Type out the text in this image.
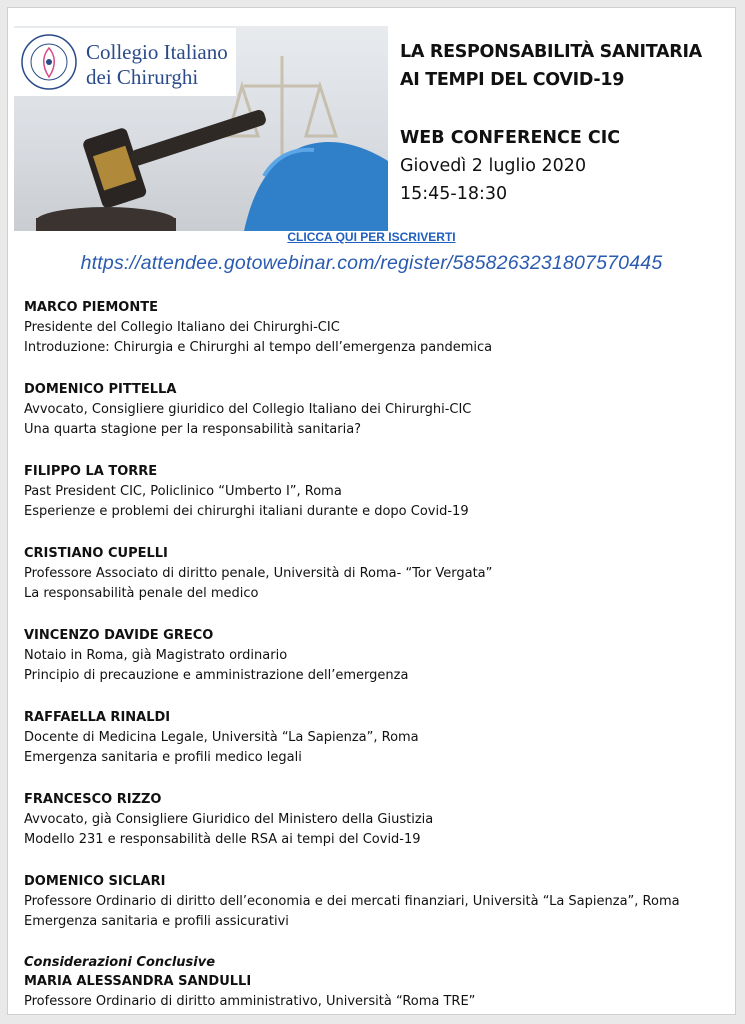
Collegio Italiano
dei Chirurghi
LA RESPONSABILITÀ SANITARIA
AI TEMPI DEL COVID-19
WEB CONFERENCE CIC
Giovedì 2 luglio 2020
15:45-18:30
CLICCA QUI PER ISCRIVERTI
https://attendee.gotowebinar.com/register/5858263231807570445
MARCO PIEMONTE
Presidente del Collegio Italiano dei Chirurghi-CIC
Introduzione: Chirurgia e Chirurghi al tempo dell’emergenza pandemica
DOMENICO PITTELLA
Avvocato, Consigliere giuridico del Collegio Italiano dei Chirurghi-CIC
Una quarta stagione per la responsabilità sanitaria?
FILIPPO LA TORRE
Past President CIC, Policlinico “Umberto I”, Roma
Esperienze e problemi dei chirurghi italiani durante e dopo Covid-19
CRISTIANO CUPELLI
Professore Associato di diritto penale, Università di Roma- “Tor Vergata”
La responsabilità penale del medico
VINCENZO DAVIDE GRECO
Notaio in Roma, già Magistrato ordinario
Principio di precauzione e amministrazione dell’emergenza
RAFFAELLA RINALDI
Docente di Medicina Legale, Università “La Sapienza”, Roma
Emergenza sanitaria e profili medico legali
FRANCESCO RIZZO
Avvocato, già Consigliere Giuridico del Ministero della Giustizia
Modello 231 e responsabilità delle RSA ai tempi del Covid-19
DOMENICO SICLARI
Professore Ordinario di diritto dell’economia e dei mercati finanziari, Università “La Sapienza”, Roma
Emergenza sanitaria e profili assicurativi
Considerazioni Conclusive
MARIA ALESSANDRA SANDULLI
Professore Ordinario di diritto amministrativo, Università “Roma TRE”
